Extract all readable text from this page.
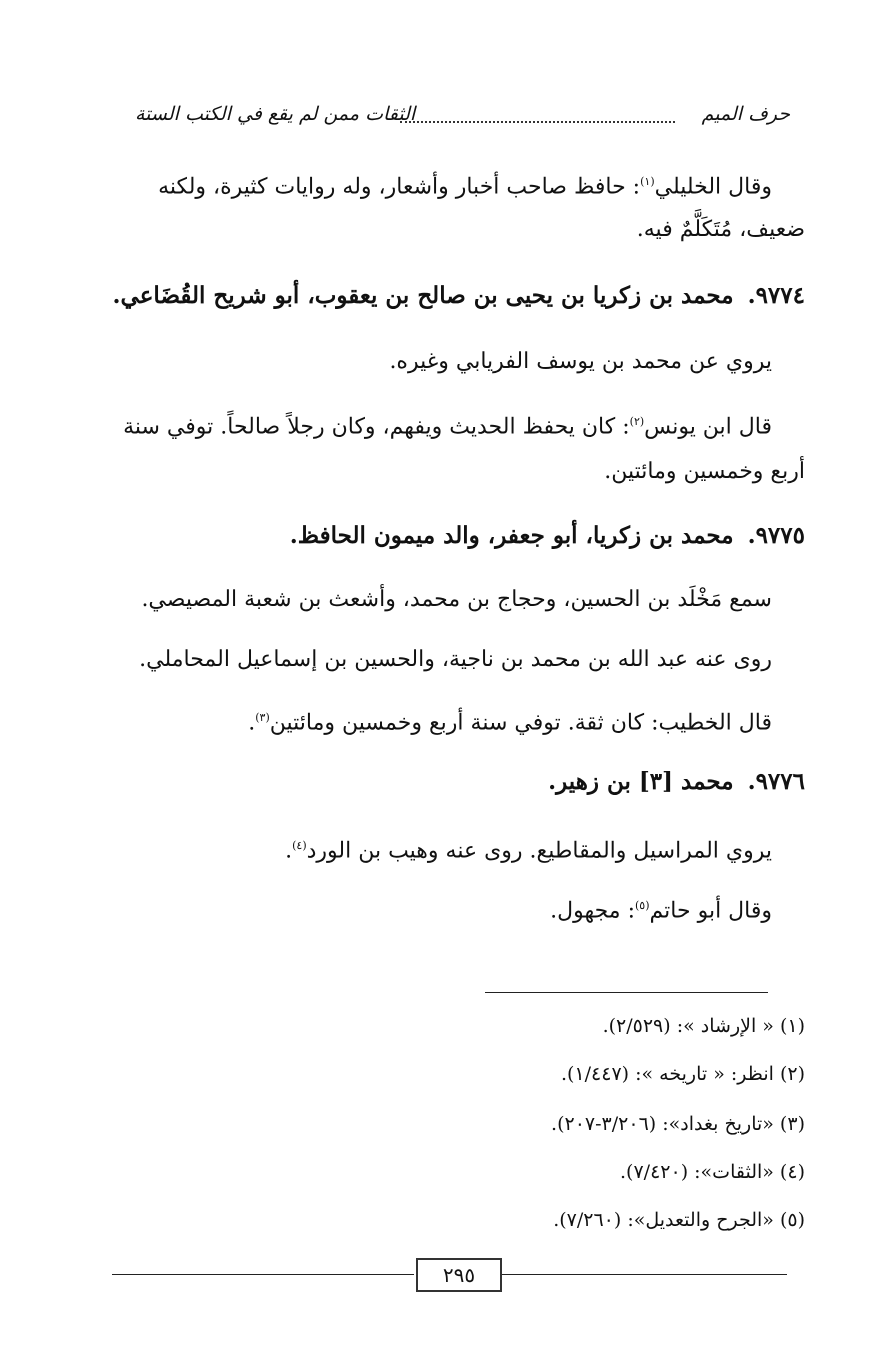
حرف الميم
الثقات ممن لم يقع في الكتب الستة
وقال الخليلي$^{(١)}$: حافظ صاحب أخبار وأشعار، وله روايات كثيرة، ولكنه
ضعيف، مُتَكَلَّمٌ فيه.
٩٧٧٤.محمد بن زكريا بن يحيى بن صالح بن يعقوب، أبو شريح القُضَاعي.
يروي عن محمد بن يوسف الفريابي وغيره.
قال ابن يونس$^{(٢)}$: كان يحفظ الحديث ويفهم، وكان رجلاً صالحاً. توفي سنة
أربع وخمسين ومائتين.
٩٧٧٥.محمد بن زكريا، أبو جعفر، والد ميمون الحافظ.
سمع مَخْلَد بن الحسين، وحجاج بن محمد، وأشعث بن شعبة المصيصي.
روى عنه عبد الله بن محمد بن ناجية، والحسين بن إسماعيل المحاملي.
قال الخطيب: كان ثقة. توفي سنة أربع وخمسين ومائتين$^{(٣)}$.
٩٧٧٦.محمد [٣] بن زهير.
يروي المراسيل والمقاطيع. روى عنه وهيب بن الورد$^{(٤)}$.
وقال أبو حاتم$^{(٥)}$: مجهول.
(١) « الإرشاد »: (٢/٥٢٩).
(٢) انظر: « تاريخه »: (١/٤٤٧).
(٣) «تاريخ بغداد»: (٣/٢٠٦-٢٠٧).
(٤) «الثقات»: (٧/٤٢٠).
(٥) «الجرح والتعديل»: (٧/٢٦٠).
٢٩٥
